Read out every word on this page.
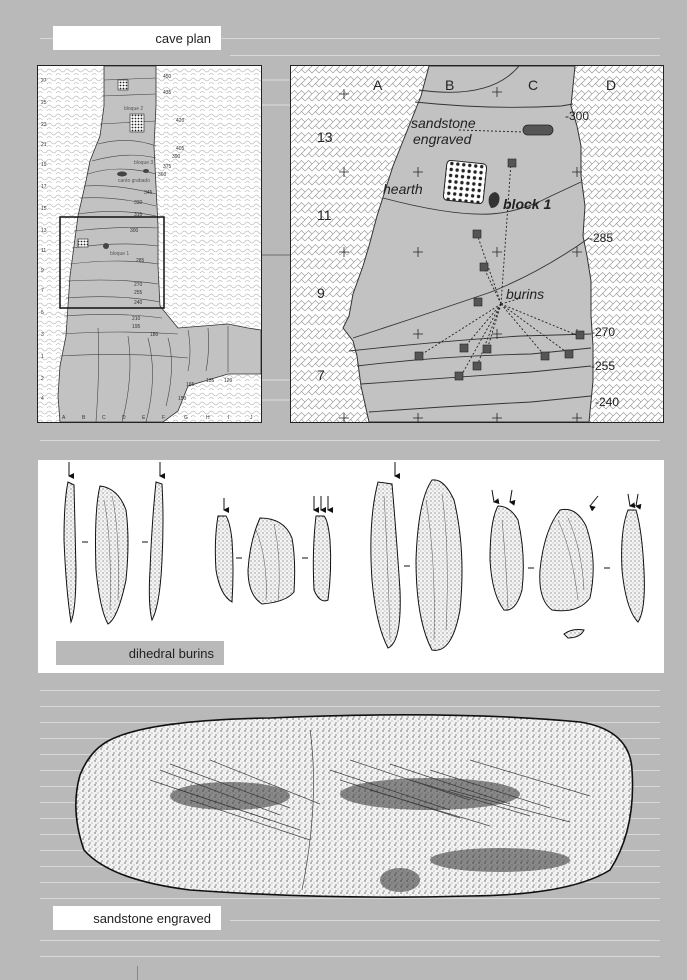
cave plan
bloque 2
bloque 3
canto grabado
bloque 1
450
435
420
405
390
375
360
345
330
315
300
285
270
255
240
210
195
180
165
150
135 120
27
25
23
21
19
17
15
13
11
9
7
5
3
1
2
4
A	B	C	D	E	F	G	H	I	J
A	B	C	D
13
11
9
7
-300
-285
-270
-255
-240
sandstone
engraved
hearth
block 1
burins
dihedral burins
sandstone engraved
